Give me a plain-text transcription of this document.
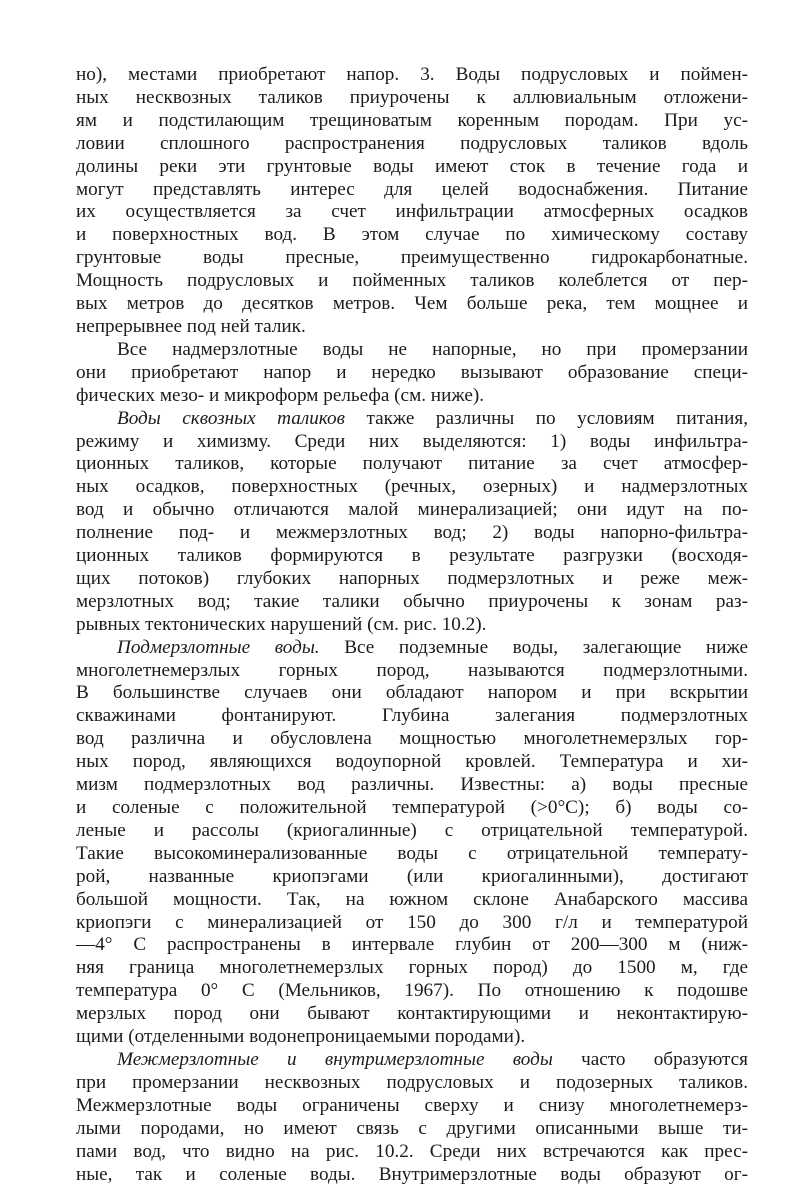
но), местами приобретают напор. 3. Воды подрусловых и поймен-
ных несквозных таликов приурочены к аллювиальным отложени-
ям и подстилающим трещиноватым коренным породам. При ус-
ловии сплошного распространения подрусловых таликов вдоль
долины реки эти грунтовые воды имеют сток в течение года и
могут представлять интерес для целей водоснабжения. Питание
их осуществляется за счет инфильтрации атмосферных осадков
и поверхностных вод. В этом случае по химическому составу
грунтовые воды пресные, преимущественно гидрокарбонатные.
Мощность подрусловых и пойменных таликов колеблется от пер-
вых метров до десятков метров. Чем больше река, тем мощнее и
непрерывнее под ней талик.

Все надмерзлотные воды не напорные, но при промерзании
они приобретают напор и нередко вызывают образование специ-
фических мезо- и микроформ рельефа (см. ниже).

Воды сквозных таликов также различны по условиям питания,
режиму и химизму. Среди них выделяются: 1) воды инфильтра-
ционных таликов, которые получают питание за счет атмосфер-
ных осадков, поверхностных (речных, озерных) и надмерзлотных
вод и обычно отличаются малой минерализацией; они идут на по-
полнение под- и межмерзлотных вод; 2) воды напорно-фильтра-
ционных таликов формируются в результате разгрузки (восходя-
щих потоков) глубоких напорных подмерзлотных и реже меж-
мерзлотных вод; такие талики обычно приурочены к зонам раз-
рывных тектонических нарушений (см. рис. 10.2).

Подмерзлотные воды. Все подземные воды, залегающие ниже
многолетнемерзлых горных пород, называются подмерзлотными.
В большинстве случаев они обладают напором и при вскрытии
скважинами фонтанируют. Глубина залегания подмерзлотных
вод различна и обусловлена мощностью многолетнемерзлых гор-
ных пород, являющихся водоупорной кровлей. Температура и хи-
мизм подмерзлотных вод различны. Известны: а) воды пресные
и соленые с положительной температурой (>0°С); б) воды со-
леные и рассолы (криогалинные) с отрицательной температурой.
Такие высокоминерализованные воды с отрицательной температу-
рой, названные криопэгами (или криогалинными), достигают
большой мощности. Так, на южном склоне Анабарского массива
криопэги с минерализацией от 150 до 300 г/л и температурой
—4° С распространены в интервале глубин от 200—300 м (ниж-
няя граница многолетнемерзлых горных пород) до 1500 м, где
температура 0° С (Мельников, 1967). По отношению к подошве
мерзлых пород они бывают контактирующими и неконтактирую-
щими (отделенными водонепроницаемыми породами).

Межмерзлотные и внутримерзлотные воды часто образуются
при промерзании несквозных подрусловых и подозерных таликов.
Межмерзлотные воды ограничены сверху и снизу многолетнемерз-
лыми породами, но имеют связь с другими описанными выше ти-
пами вод, что видно на рис. 10.2. Среди них встречаются как прес-
ные, так и соленые воды. Внутримерзлотные воды образуют ог-
